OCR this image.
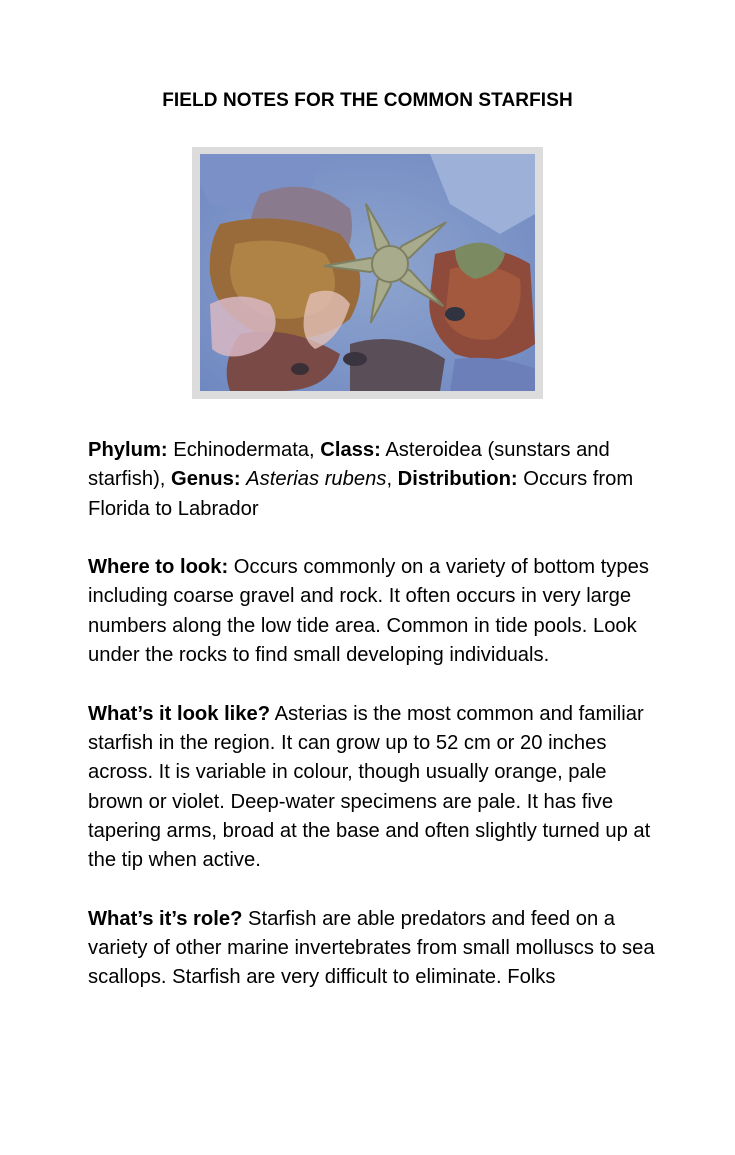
FIELD NOTES FOR THE COMMON STARFISH

Phylum: Echinodermata, Class: Asteroidea (sunstars and starfish), Genus: Asterias rubens, Distribution: Occurs from Florida to Labrador

Where to look: Occurs commonly on a variety of bottom types including coarse gravel and rock. It often occurs in very large numbers along the low tide area. Common in tide pools. Look under the rocks to find small developing individuals.

What’s it look like? Asterias is the most common and familiar starfish in the region. It can grow up to 52 cm or 20 inches across. It is variable in colour, though usually orange, pale brown or violet. Deep-water specimens are pale. It has five tapering arms, broad at the base and often slightly turned up at the tip when active.

What’s it’s role? Starfish are able predators and feed on a variety of other marine invertebrates from small molluscs to sea scallops. Starfish are very difficult to eliminate. Folks
